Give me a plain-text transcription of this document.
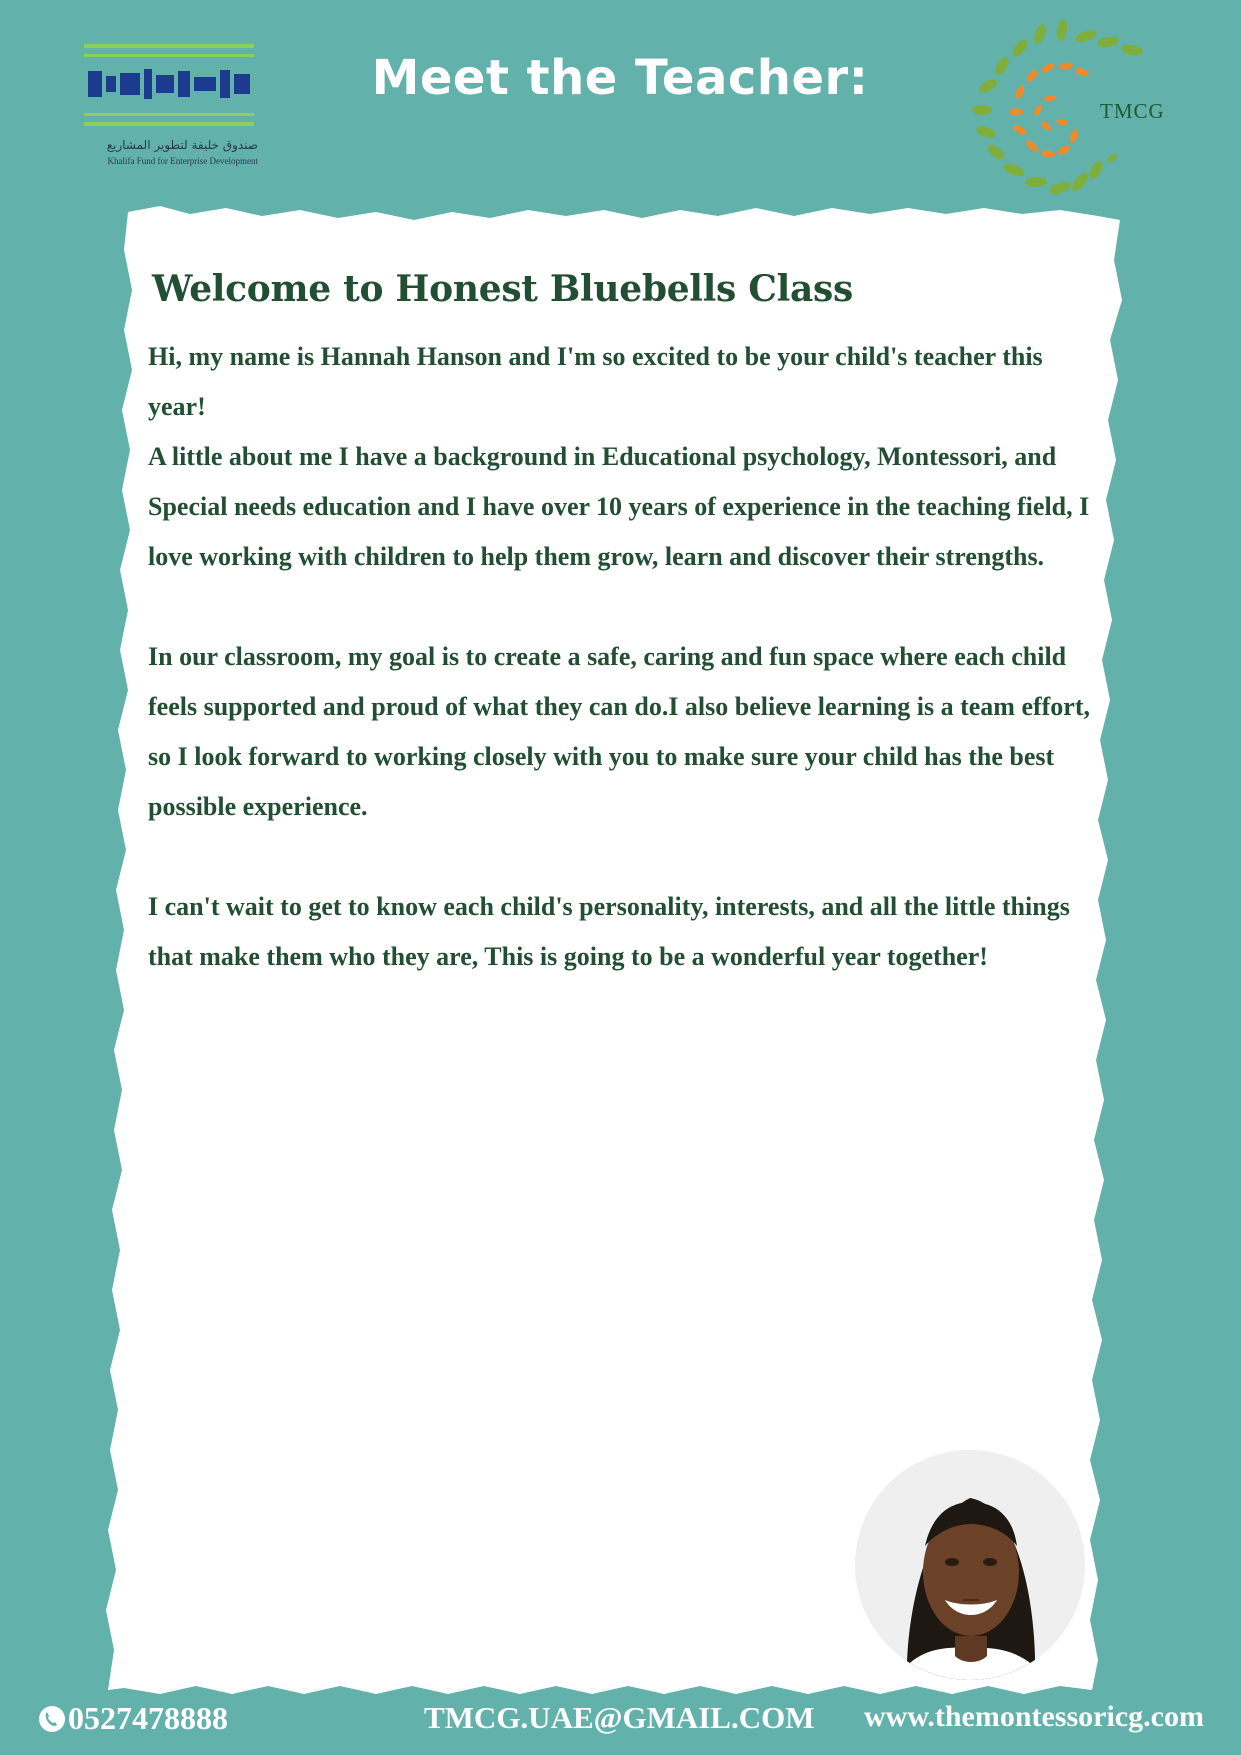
صندوق خليفة لتطوير المشاريع
Khalifa Fund for Enterprise Development
Meet the Teacher:
TMCG
Welcome to Honest Bluebells Class

Hi, my name is Hannah Hanson and I'm so excited to be your child's teacher this year!

A little about me I have a background in Educational psychology, Montessori, and Special needs education and I have over 10 years of experience in the teaching field, I love working with children to help them grow, learn and discover their strengths.

In our classroom, my goal is to create a safe, caring and fun space where each child feels supported and proud of what they can do.I also believe learning is a team effort, so I look forward to working closely with you to make sure your child has the best possible experience.

I can't wait to get to know each child's personality, interests, and all the little things that make them who they are, This is going to be a wonderful year together!

0527478888	TMCG.UAE@GMAIL.COM www.themontessoricg.com
